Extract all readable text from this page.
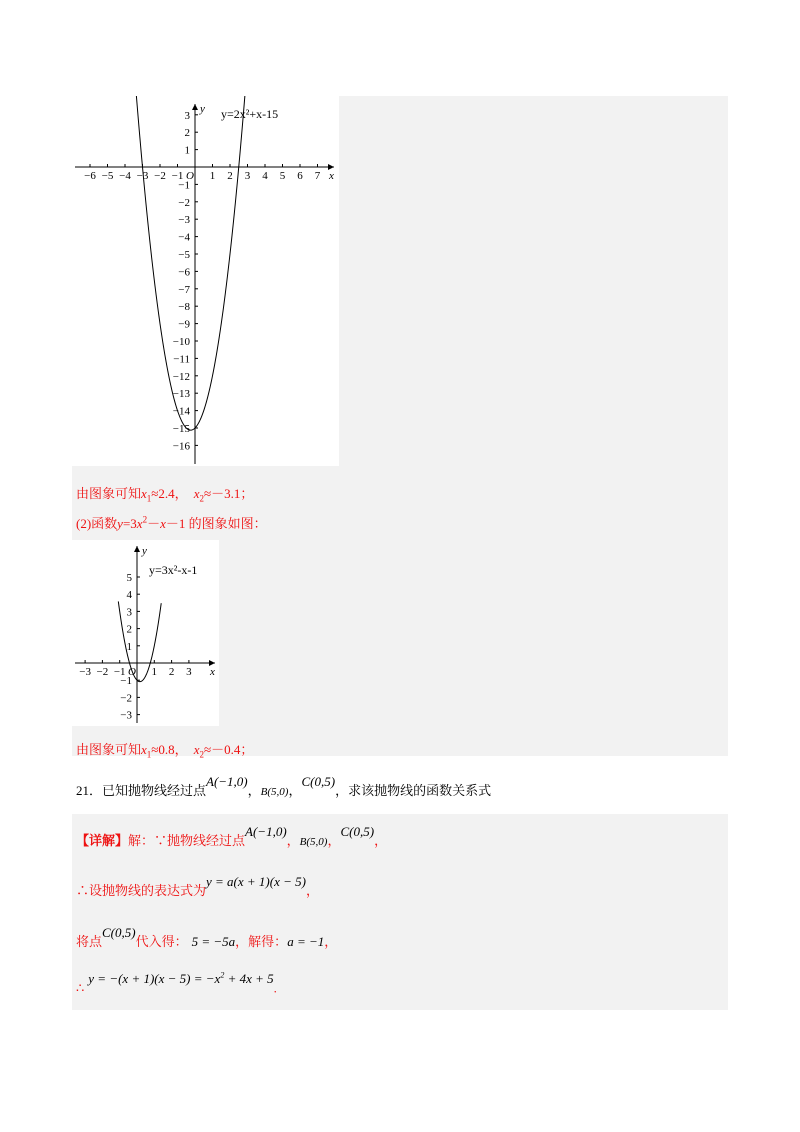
−6 −5 −4 −3 −2 −1 1 2 3 4 5 6 7
3
2
1
−1
−2
−3
−4
−5
−6
−7
−8
−9
−10
−11
−12
−13
−14
−15
−16
O	x
y y=2x²+x-15
−3 −2 −1 1 2 3
5
4
3
2
1
−1
−2
−3
O	x
y
y=3x²-x-1
由图象可知$x_1\approx 2.4$， $x_2\approx-3.1$；
(2)函数$y=3x^2-x-1$ 的图象如图：
由图象可知$x_1\approx 0.8$， $x_2\approx-0.4$；
21．已知抛物线经过点A(−1,0)，B(5,0)，C(0,5)，求该抛物线的函数关系式
【详解】解：∵抛物线经过点A(−1,0)，B(5,0)，C(0,5)，
∴设抛物线的表达式为y = a(x + 1)(x − 5)，
将点C(0,5)代入得： 5 = −5a，解得：a = −1，
∴y = $-(x + 1)(x - 5) = -x^2 + 4x + 5$.
